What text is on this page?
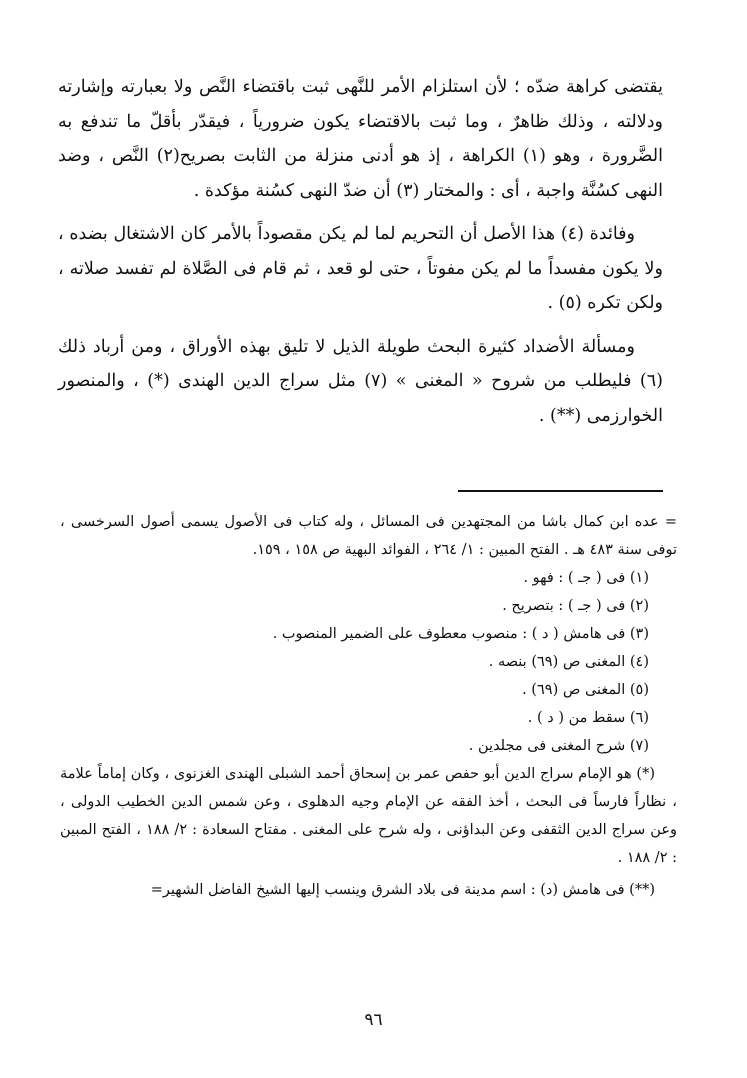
يقتضى كراهة ضدّه ؛ لأن استلزام الأمر للنَّهى ثبت باقتضاء النَّص ولا بعبارته وإشارته ودلالته ، وذلك ظاهرٌ ، وما ثبت بالاقتضاء يكون ضرورياً ، فيقدّر بأقلّ ما تندفع به الضَّرورة ، وهو (١) الكراهة ، إذ هو أدنى منزلة من الثابت بصريح(٢) النَّص ، وضد النهى كسُنَّة واجبة ، أى : والمختار (٣) أن ضدّ النهى كسُنة مؤكدة .

وفائدة (٤) هذا الأصل أن التحريم لما لم يكن مقصوداً بالأمر كان الاشتغال بضده ، ولا يكون مفسداً ما لم يكن مفوتاً ، حتى لو قعد ، ثم قام فى الصَّلاة لم تفسد صلاته ، ولكن تكره (٥) .

ومسألة الأضداد كثيرة البحث طويلة الذيل لا تليق بهذه الأوراق ، ومن أرباد ذلك (٦) فليطلب من شروح « المغنى » (٧) مثل سراج الدين الهندى (*) ، والمنصور الخوارزمى (**) .

= عده ابن كمال باشا من المجتهدين فى المسائل ، وله كتاب فى الأصول يسمى أصول السرخسى ، توفى سنة ٤٨٣ هـ . الفتح المبين : ١/ ٢٦٤ ، الفوائد البهية ص ١٥٨ ، ١٥٩.

(١) فى ( جـ ) : فهو .

(٢) فى ( جـ ) : بتصريح .

(٣) فى هامش ( د ) : منصوب معطوف على الضمير المنصوب .

(٤) المغنى ص (٦٩) بنصه .

(٥) المغنى ص (٦٩) .

(٦) سقط من ( د ) .

(٧) شرح المغنى فى مجلدين .

(*) هو الإمام سراج الدين أبو حفص عمر بن إسحاق أحمد الشبلى الهندى الغزنوى ، وكان إماماً علامة ، نظاراً فارساً فى البحث ، أخذ الفقه عن الإمام وجيه الدهلوى ، وعن شمس الدين الخطيب الدولى ، وعن سراج الدين الثقفى وعن البداؤنى ، وله شرح على المغنى . مفتاح السعادة : ٢/ ١٨٨ ، الفتح المبين : ٢/ ١٨٨ .

(**) فى هامش (د) : اسم مدينة فى بلاد الشرق وينسب إليها الشيخ الفاضل الشهير=

٩٦
